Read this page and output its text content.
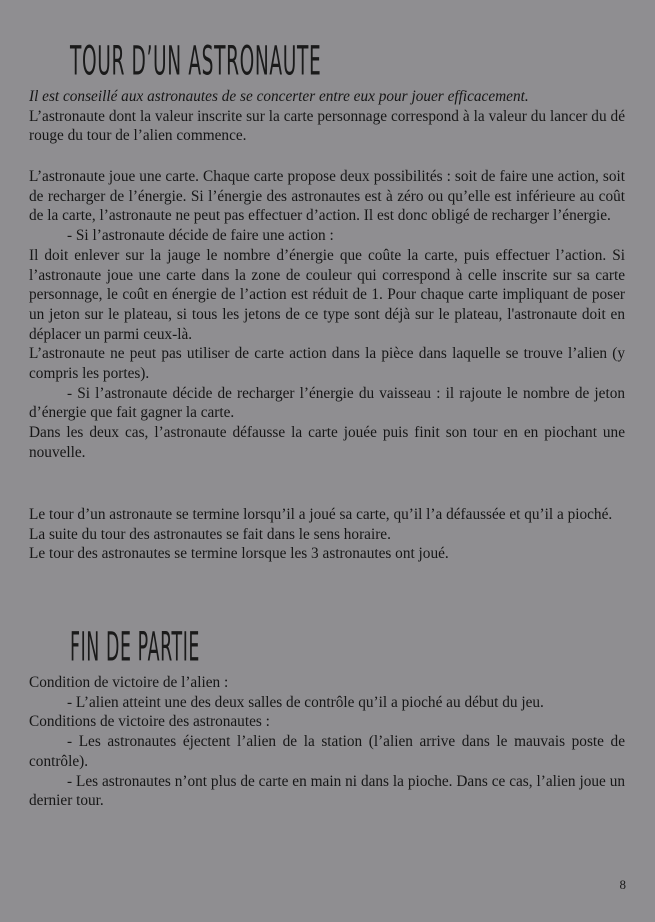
TOUR D’UN ASTRONAUTE

Il est conseillé aux astronautes de se concerter entre eux pour jouer efficacement.

L’astronaute dont la valeur inscrite sur la carte personnage correspond à la valeur du lancer du dé rouge du tour de l’alien commence.

L’astronaute joue une carte. Chaque carte propose deux possibilités : soit de faire une action, soit de recharger de l’énergie. Si l’énergie des astronautes est à zéro ou qu’elle est inférieure au coût de la carte, l’astronaute ne peut pas effectuer d’action. Il est donc obligé de recharger l’énergie.

- Si l’astronaute décide de faire une action :

Il doit enlever sur la jauge le nombre d’énergie que coûte la carte, puis effectuer l’action. Si l’astronaute joue une carte dans la zone de couleur qui correspond à celle inscrite sur sa carte personnage, le coût en énergie de l’action est réduit de 1. Pour chaque carte impliquant de poser un jeton sur le plateau, si tous les jetons de ce type sont déjà sur le plateau, l'astronaute doit en déplacer un parmi ceux-là.

L’astronaute ne peut pas utiliser de carte action dans la pièce dans laquelle se trouve l’alien (y compris les portes).

- Si l’astronaute décide de recharger l’énergie du vaisseau : il rajoute le nombre de jeton d’énergie que fait gagner la carte.

Dans les deux cas, l’astronaute défausse la carte jouée puis finit son tour en en piochant une nouvelle.

Le tour d’un astronaute se termine lorsqu’il a joué sa carte, qu’il l’a défaussée et qu’il a pioché.

La suite du tour des astronautes se fait dans le sens horaire.

Le tour des astronautes se termine lorsque les 3 astronautes ont joué.

FIN DE PARTIE

Condition de victoire de l’alien :

- L’alien atteint une des deux salles de contrôle qu’il a pioché au début du jeu.

Conditions de victoire des astronautes :

- Les astronautes éjectent l’alien de la station (l’alien arrive dans le mauvais poste de contrôle).

- Les astronautes n’ont plus de carte en main ni dans la pioche. Dans ce cas, l’alien joue un dernier tour.

8
